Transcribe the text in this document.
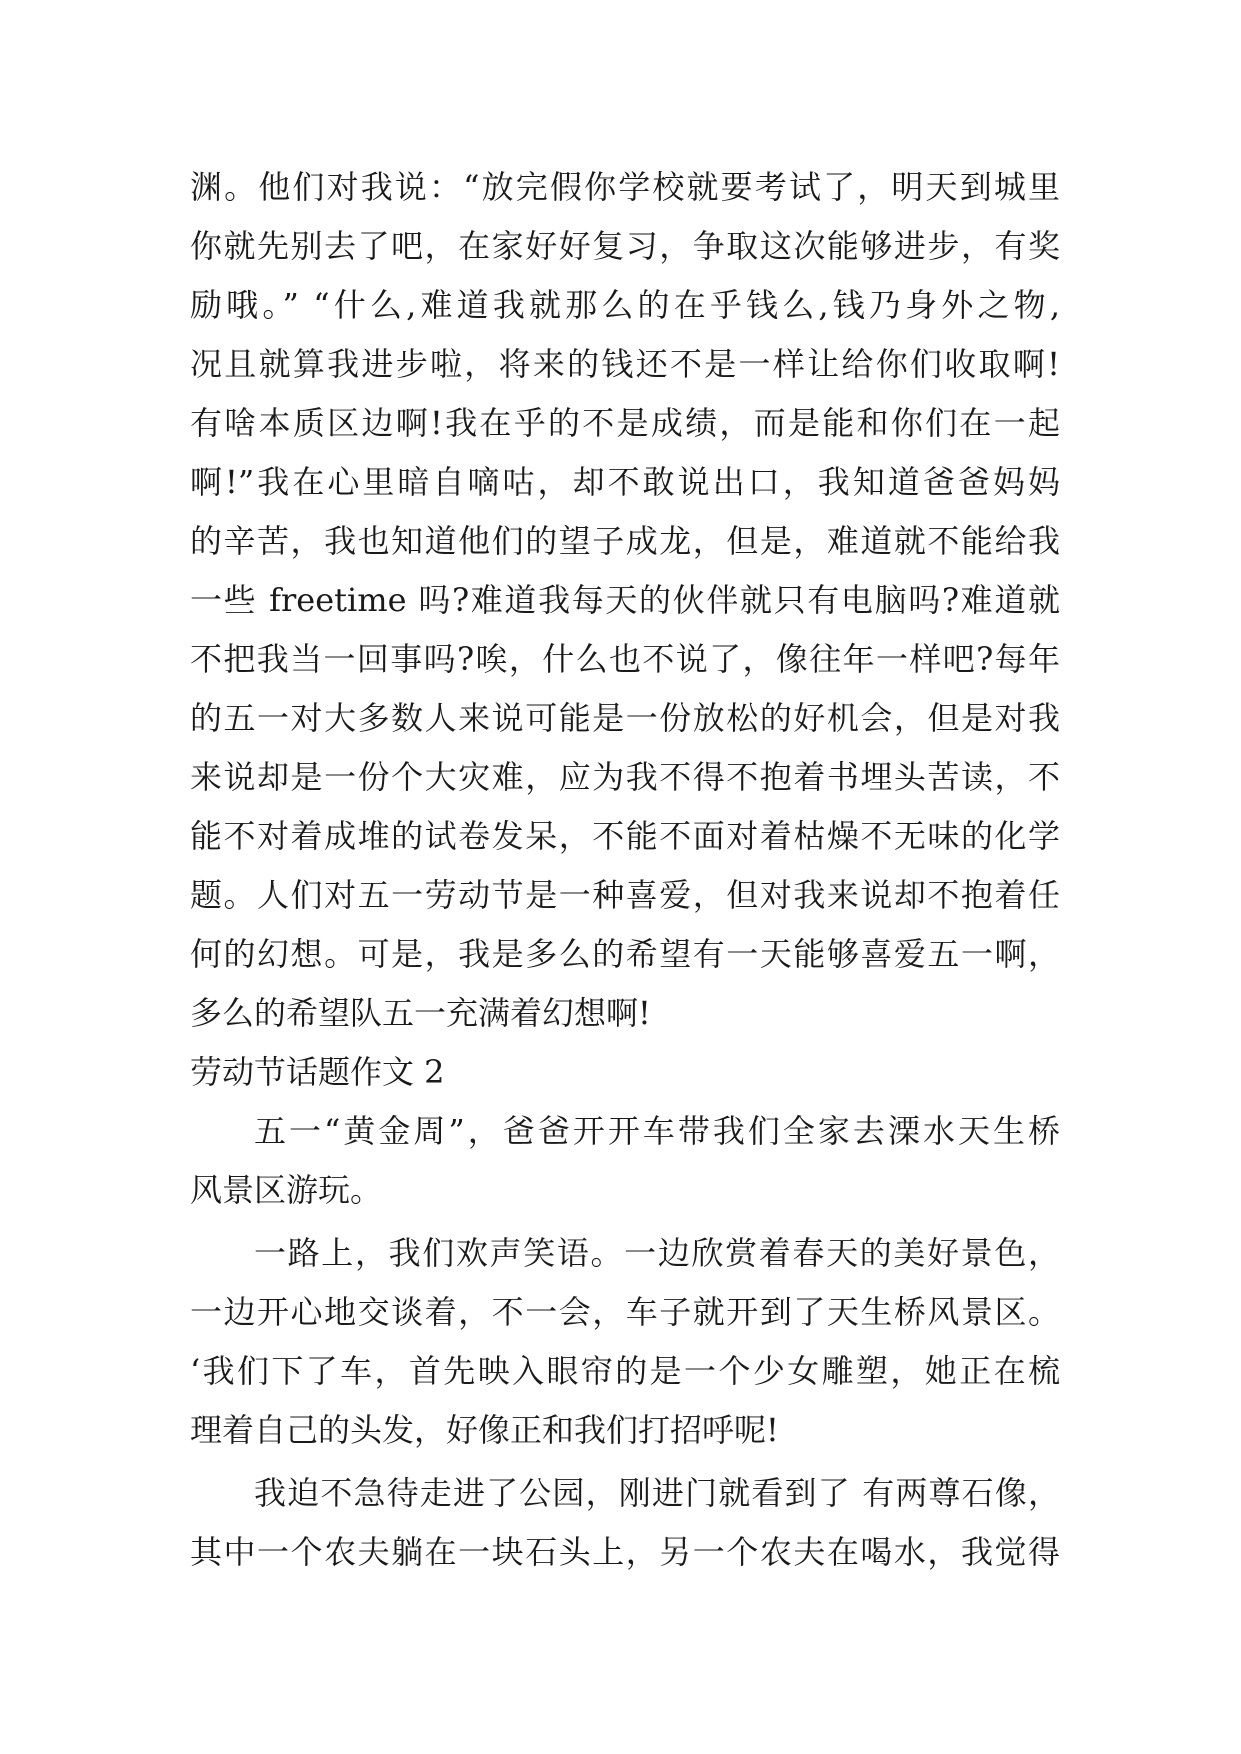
渊。他们对我说：“放完假你学校就要考试了，明天到城里
你就先别去了吧，在家好好复习，争取这次能够进步，有奖
励哦。” “什么,难道我就那么的在乎钱么,钱乃身外之物,
况且就算我进步啦，将来的钱还不是一样让给你们收取啊!
有啥本质区边啊!我在乎的不是成绩，而是能和你们在一起
啊!”我在心里暗自嘀咕，却不敢说出口，我知道爸爸妈妈
的辛苦，我也知道他们的望子成龙，但是，难道就不能给我
一些 freetime 吗?难道我每天的伙伴就只有电脑吗?难道就
不把我当一回事吗?唉，什么也不说了，像往年一样吧?每年
的五一对大多数人来说可能是一份放松的好机会，但是对我
来说却是一份个大灾难，应为我不得不抱着书埋头苦读，不
能不对着成堆的试卷发呆，不能不面对着枯燥不无味的化学
题。人们对五一劳动节是一种喜爱，但对我来说却不抱着任
何的幻想。可是，我是多么的希望有一天能够喜爱五一啊，
多么的希望队五一充满着幻想啊!
劳动节话题作文 2
五一“黄金周”，爸爸开开车带我们全家去溧水天生桥
风景区游玩。
一路上，我们欢声笑语。一边欣赏着春天的美好景色，
一边开心地交谈着，不一会，车子就开到了天生桥风景区。
‘我们下了车，首先映入眼帘的是一个少女雕塑，她正在梳
理着自己的头发，好像正和我们打招呼呢!
我迫不急待走进了公园，刚进门就看到了 有两尊石像，
其中一个农夫躺在一块石头上，另一个农夫在喝水，我觉得
